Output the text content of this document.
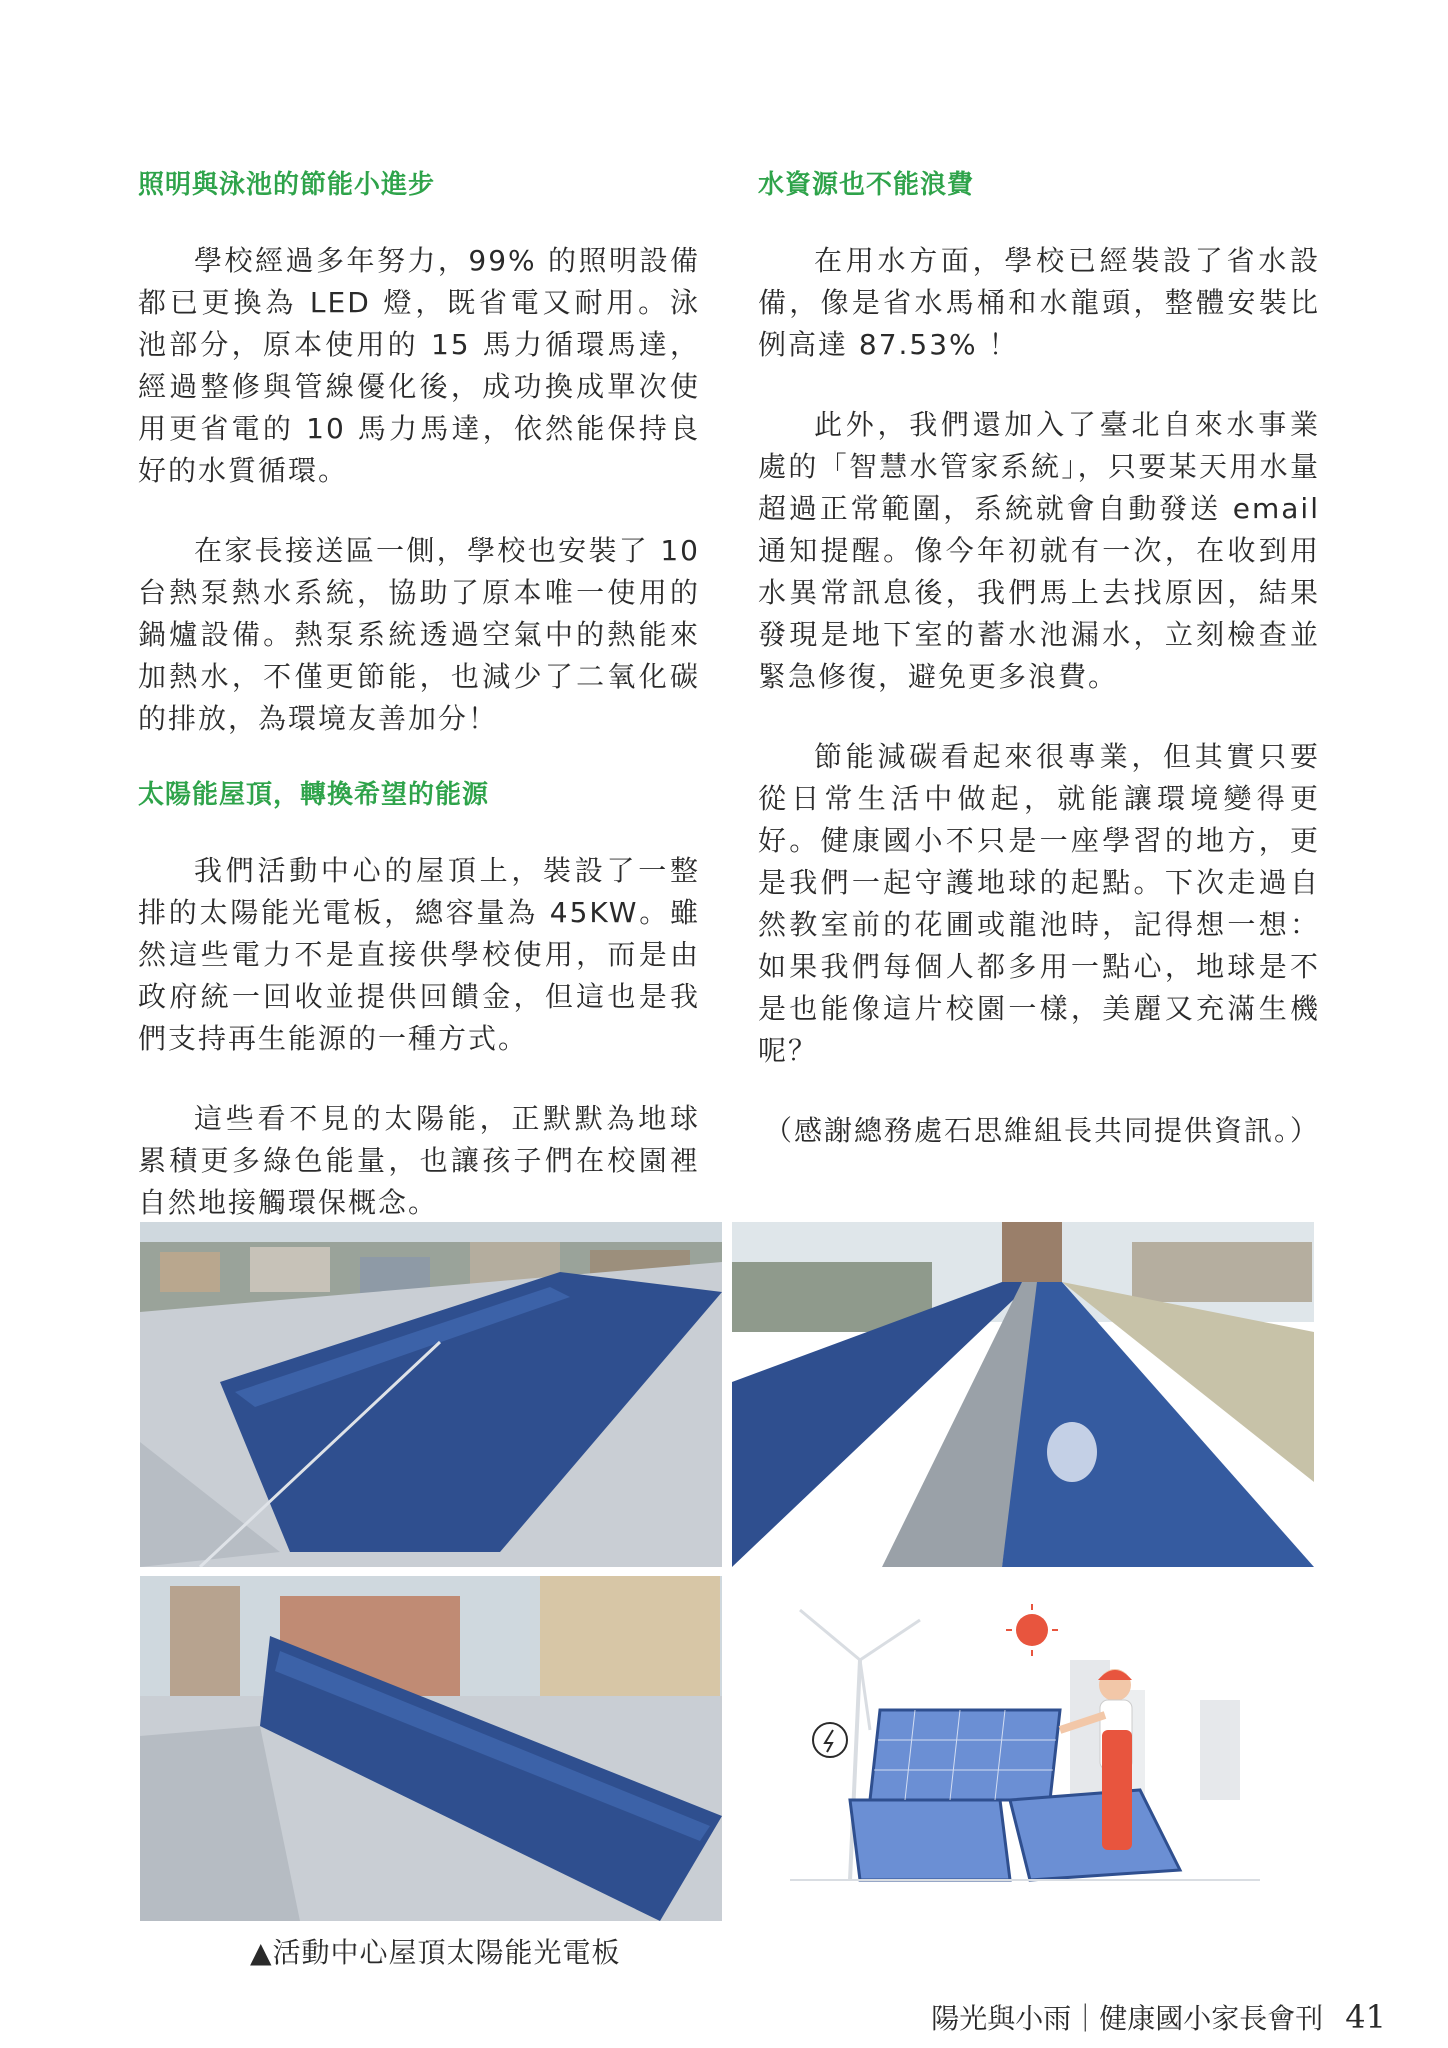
照明與泳池的節能小進步

學校經過多年努力，99% 的照明設備都已更換為 LED 燈，既省電又耐用。泳池部分，原本使用的 15 馬力循環馬達，經過整修與管線優化後，成功換成單次使用更省電的 10 馬力馬達，依然能保持良好的水質循環。

在家長接送區一側，學校也安裝了 10 台熱泵熱水系統，協助了原本唯一使用的鍋爐設備。熱泵系統透過空氣中的熱能來加熱水，不僅更節能，也減少了二氧化碳的排放，為環境友善加分！

太陽能屋頂，轉換希望的能源

我們活動中心的屋頂上，裝設了一整排的太陽能光電板，總容量為 45KW。雖然這些電力不是直接供學校使用，而是由政府統一回收並提供回饋金，但這也是我們支持再生能源的一種方式。

這些看不見的太陽能，正默默為地球累積更多綠色能量，也讓孩子們在校園裡自然地接觸環保概念。

水資源也不能浪費

在用水方面，學校已經裝設了省水設備，像是省水馬桶和水龍頭，整體安裝比例高達 87.53% ！

此外，我們還加入了臺北自來水事業處的「智慧水管家系統」，只要某天用水量超過正常範圍，系統就會自動發送 email 通知提醒。像今年初就有一次，在收到用水異常訊息後，我們馬上去找原因，結果發現是地下室的蓄水池漏水，立刻檢查並緊急修復，避免更多浪費。

節能減碳看起來很專業，但其實只要從日常生活中做起，就能讓環境變得更好。健康國小不只是一座學習的地方，更是我們一起守護地球的起點。下次走過自然教室前的花圃或龍池時，記得想一想：如果我們每個人都多用一點心，地球是不是也能像這片校園一樣，美麗又充滿生機呢？

（感謝總務處石思維組長共同提供資訊。）

▲活動中心屋頂太陽能光電板
陽光與小雨｜健康國小家長會刊 41
